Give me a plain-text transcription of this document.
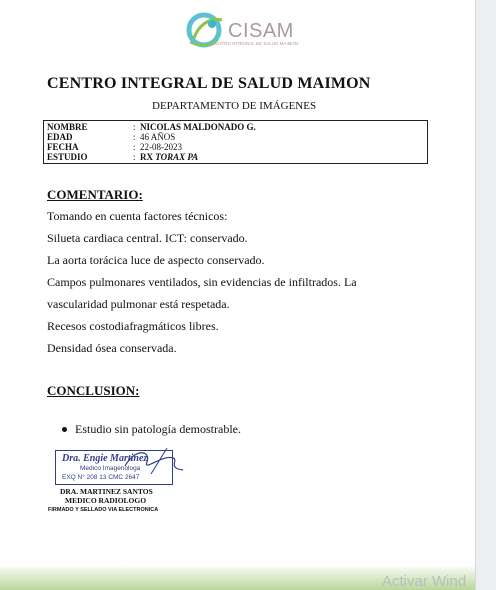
CISAM
CENTRO INTEGRAL DE SALUD MAIMON
CENTRO INTEGRAL DE SALUD MAIMON
DEPARTAMENTO DE IMÁGENES
NOMBRE	: NICOLAS MALDONADO G.
EDAD	: 46 AÑOS
FECHA	: 22-08-2023
ESTUDIO	: RX TORAX PA
COMENTARIO:
Tomando en cuenta factores técnicos:
Silueta cardiaca central. ICT: conservado.
La aorta torácica luce de aspecto conservado.
Campos pulmonares ventilados, sin evidencias de infiltrados. La
vascularidad pulmonar está respetada.
Recesos costodiafragmáticos libres.
Densidad ósea conservada.
CONCLUSION:
Estudio sin patología demostrable.
Dra. Engie Martinez
Medico Imagenologa
EXQ N° 208 13 CMC 2647
DRA. MARTINEZ SANTOS
MEDICO RADIOLOGO
FIRMADO Y SELLADO VIA ELECTRONICA
Activar Wind
